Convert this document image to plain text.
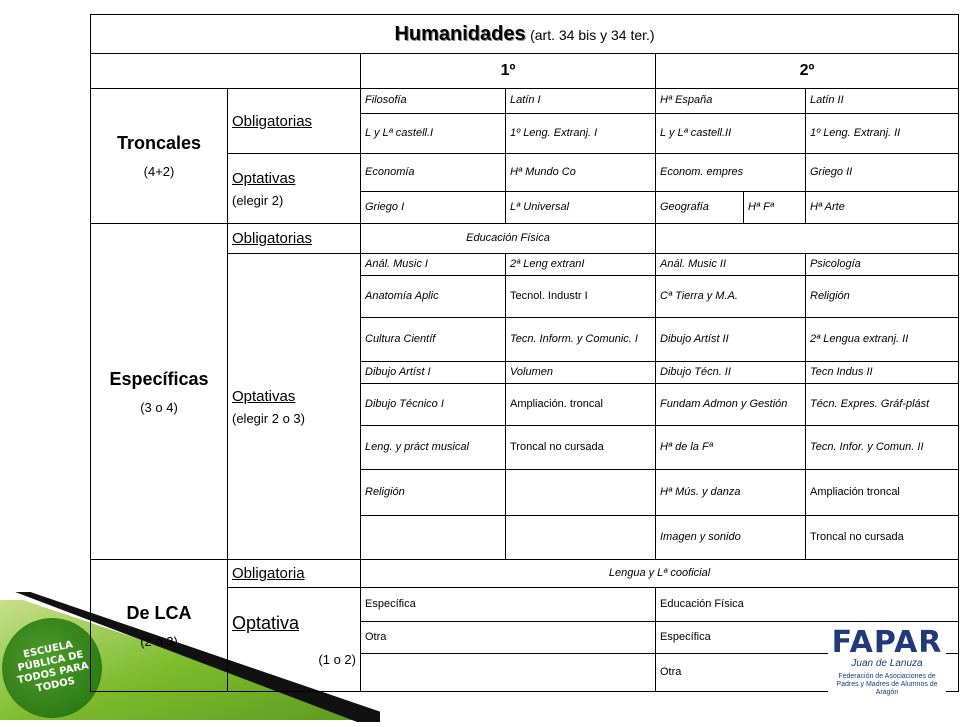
ESCUELA PÚBLICA DE TODOS PARA TODOS
Humanidades (art. 34 bis y 34 ter.)						
		1º		2º		

Troncales
(4+2)	Obligatorias	Filosofía	Latín I	Hª España		Latín II
		L y Lª castell.I	1º Leng. Extranj. I	L y Lª castell.II		1º Leng. Extranj. II

	Optativas
(elegir 2)	Economía	Hª Mundo Co	Econom. empres		Griego II
		Griego I	Lª Universal	Geografía	Hª Fª	Hª Arte

Específicas
(3 o 4)	Obligatorias	Educación Física				

	Optativas
(elegir 2 o 3)	Anál. Music I	2ª Leng extranI	Anál. Music II		Psicología
		Anatomía Aplic	Tecnol. Industr I	Cª Tierra y M.A.		Religión
		Cultura Científ	Tecn. Inform. y Comunic. I	Dibujo Artíst II		2ª Lengua extranj. II
		Dibujo Artíst I	Volumen	Dibujo Técn. II		Tecn Indus II
		Dibujo Técnico I	Ampliación. troncal	Fundam Admon y Gestión		Técn. Expres. Gráf-plást
		Leng. y práct musical	Troncal no cursada	Hª de la Fª		Tecn. Infor. y Comun. II
		Religión		Hª Mús. y danza		Ampliación troncal
				Imagen y sonido		Troncal no cursada

De LCA
(2 o 3)	Obligatoria	Lengua y Lª cooficial				

	Optativa
(1 o 2)	Específica		Educación Física		
		Otra		Específica		
				Otra		
FAPAR
Juan de Lanuza
Federación de Asociaciones de Padres y Madres de Alumnos de Aragón
